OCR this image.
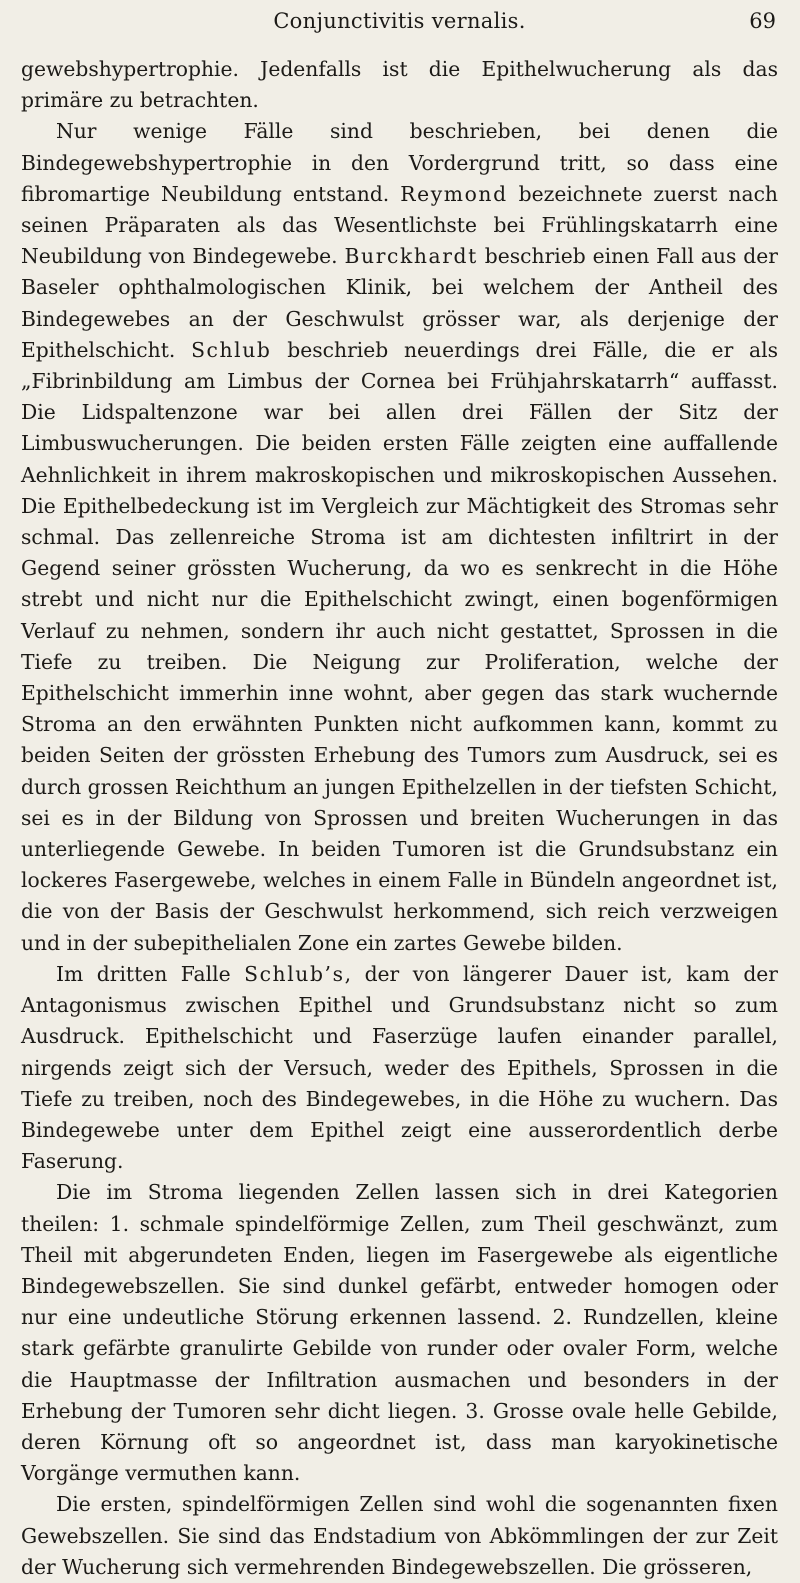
Conjunctivitis vernalis.	69

gewebshypertrophie. Jedenfalls ist die Epithelwucherung als das primäre zu betrachten.

Nur wenige Fälle sind beschrieben, bei denen die Bindegewebshypertrophie in den Vordergrund tritt, so dass eine fibromartige Neubildung entstand. Reymond bezeichnete zuerst nach seinen Präparaten als das Wesentlichste bei Frühlingskatarrh eine Neubildung von Bindegewebe. Burckhardt beschrieb einen Fall aus der Baseler ophthalmologischen Klinik, bei welchem der Antheil des Bindegewebes an der Geschwulst grösser war, als derjenige der Epithelschicht. Schlub beschrieb neuerdings drei Fälle, die er als „Fibrinbildung am Limbus der Cornea bei Frühjahrskatarrh“ auffasst. Die Lidspaltenzone war bei allen drei Fällen der Sitz der Limbuswucherungen. Die beiden ersten Fälle zeigten eine auffallende Aehnlichkeit in ihrem makroskopischen und mikroskopischen Aussehen. Die Epithelbedeckung ist im Vergleich zur Mächtigkeit des Stromas sehr schmal. Das zellenreiche Stroma ist am dichtesten infiltrirt in der Gegend seiner grössten Wucherung, da wo es senkrecht in die Höhe strebt und nicht nur die Epithelschicht zwingt, einen bogenförmigen Verlauf zu nehmen, sondern ihr auch nicht gestattet, Sprossen in die Tiefe zu treiben. Die Neigung zur Proliferation, welche der Epithelschicht immerhin inne wohnt, aber gegen das stark wuchernde Stroma an den erwähnten Punkten nicht aufkommen kann, kommt zu beiden Seiten der grössten Erhebung des Tumors zum Ausdruck, sei es durch grossen Reichthum an jungen Epithelzellen in der tiefsten Schicht, sei es in der Bildung von Sprossen und breiten Wucherungen in das unterliegende Gewebe. In beiden Tumoren ist die Grundsubstanz ein lockeres Fasergewebe, welches in einem Falle in Bündeln angeordnet ist, die von der Basis der Geschwulst herkommend, sich reich verzweigen und in der subepithelialen Zone ein zartes Gewebe bilden.

Im dritten Falle Schlub’s, der von längerer Dauer ist, kam der Antagonismus zwischen Epithel und Grundsubstanz nicht so zum Ausdruck. Epithelschicht und Faserzüge laufen einander parallel, nirgends zeigt sich der Versuch, weder des Epithels, Sprossen in die Tiefe zu treiben, noch des Bindegewebes, in die Höhe zu wuchern. Das Bindegewebe unter dem Epithel zeigt eine ausserordentlich derbe Faserung.

Die im Stroma liegenden Zellen lassen sich in drei Kategorien theilen: 1. schmale spindelförmige Zellen, zum Theil geschwänzt, zum Theil mit abgerundeten Enden, liegen im Fasergewebe als eigentliche Bindegewebszellen. Sie sind dunkel gefärbt, entweder homogen oder nur eine undeutliche Störung erkennen lassend. 2. Rundzellen, kleine stark gefärbte granulirte Gebilde von runder oder ovaler Form, welche die Hauptmasse der Infiltration ausmachen und besonders in der Erhebung der Tumoren sehr dicht liegen. 3. Grosse ovale helle Gebilde, deren Körnung oft so angeordnet ist, dass man karyokinetische Vorgänge vermuthen kann.

Die ersten, spindelförmigen Zellen sind wohl die sogenannten fixen Gewebszellen. Sie sind das Endstadium von Abkömmlingen der zur Zeit der Wucherung sich vermehrenden Bindegewebszellen. Die grösseren,
